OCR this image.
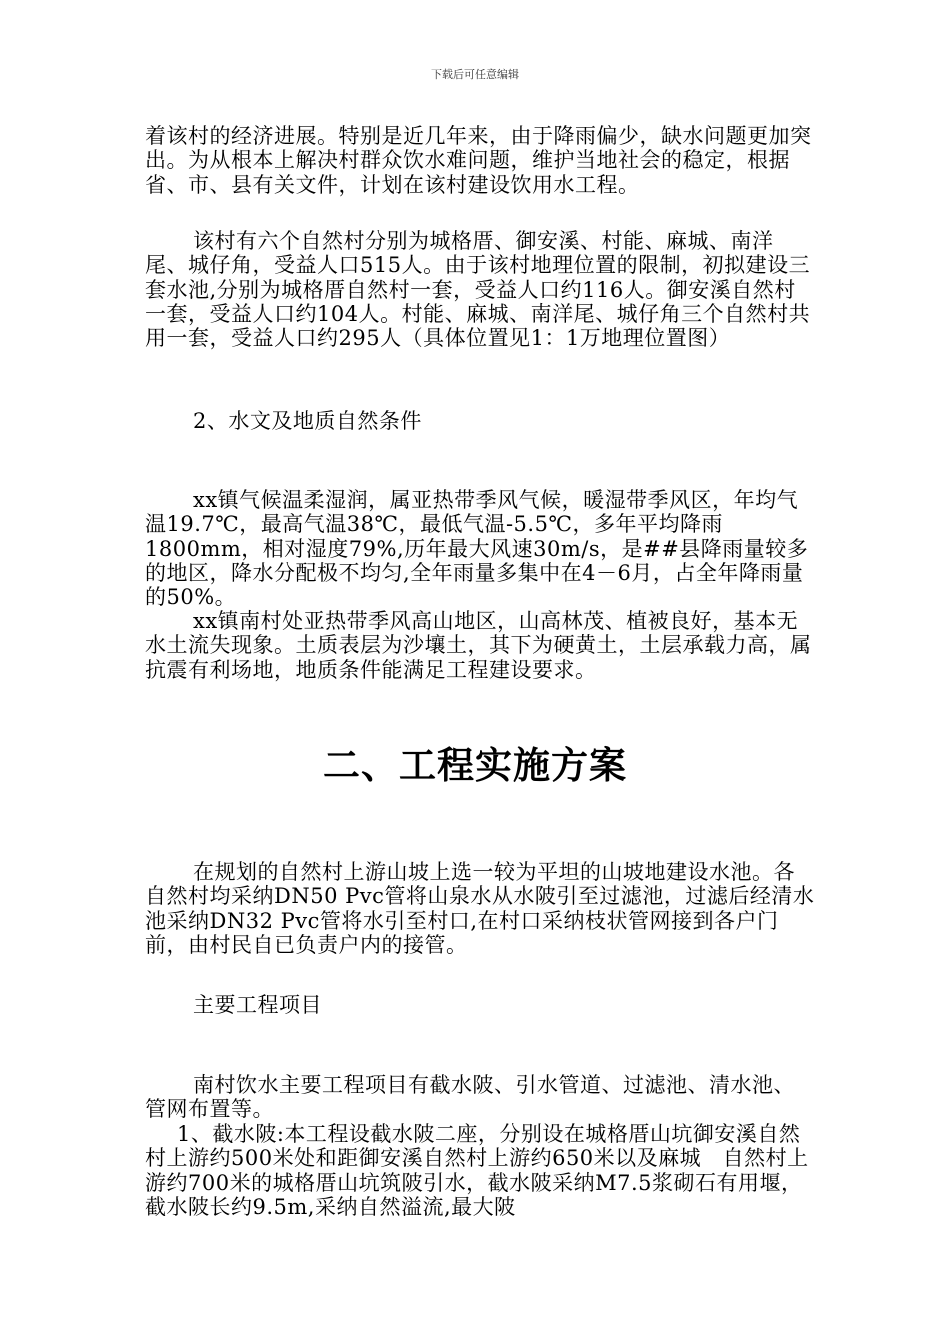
下载后可任意编辑

着该村的经济进展。特别是近几年来，由于降雨偏少，缺水问题更加突出。为从根本上解决村群众饮水难问题，维护当地社会的稳定，根据省、市、县有关文件，计划在该村建设饮用水工程。

该村有六个自然村分别为城格厝、御安溪、村能、麻城、南洋尾、城仔角，受益人口515人。由于该村地理位置的限制，初拟建设三套水池,分别为城格厝自然村一套，受益人口约116人。御安溪自然村一套，受益人口约104人。村能、麻城、南洋尾、城仔角三个自然村共用一套，受益人口约295人（具体位置见1：1万地理位置图）

2、水文及地质自然条件

xx镇气候温柔湿润，属亚热带季风气候，暖湿带季风区，年均气温19.7℃，最高气温38℃，最低气温-5.5℃，多年平均降雨1800mm，相对湿度79%,历年最大风速30m/s，是##县降雨量较多的地区，降水分配极不均匀,全年雨量多集中在4－6月，占全年降雨量的50%。

xx镇南村处亚热带季风高山地区，山高林茂、植被良好，基本无水土流失现象。土质表层为沙壤土，其下为硬黄土，土层承载力高，属抗震有利场地，地质条件能满足工程建设要求。

二、工程实施方案

在规划的自然村上游山坡上选一较为平坦的山坡地建设水池。各自然村均采纳DN50 Pvc管将山泉水从水陂引至过滤池，过滤后经清水池采纳DN32 Pvc管将水引至村口,在村口采纳枝状管网接到各户门前，由村民自已负责户内的接管。

主要工程项目

南村饮水主要工程项目有截水陂、引水管道、过滤池、清水池、管网布置等。

1、截水陂:本工程设截水陂二座，分别设在城格厝山坑御安溪自然村上游约500米处和距御安溪自然村上游约650米以及麻城　自然村上游约700米的城格厝山坑筑陂引水，截水陂采纳M7.5浆砌石有用堰，截水陂长约9.5m,采纳自然溢流,最大陂
